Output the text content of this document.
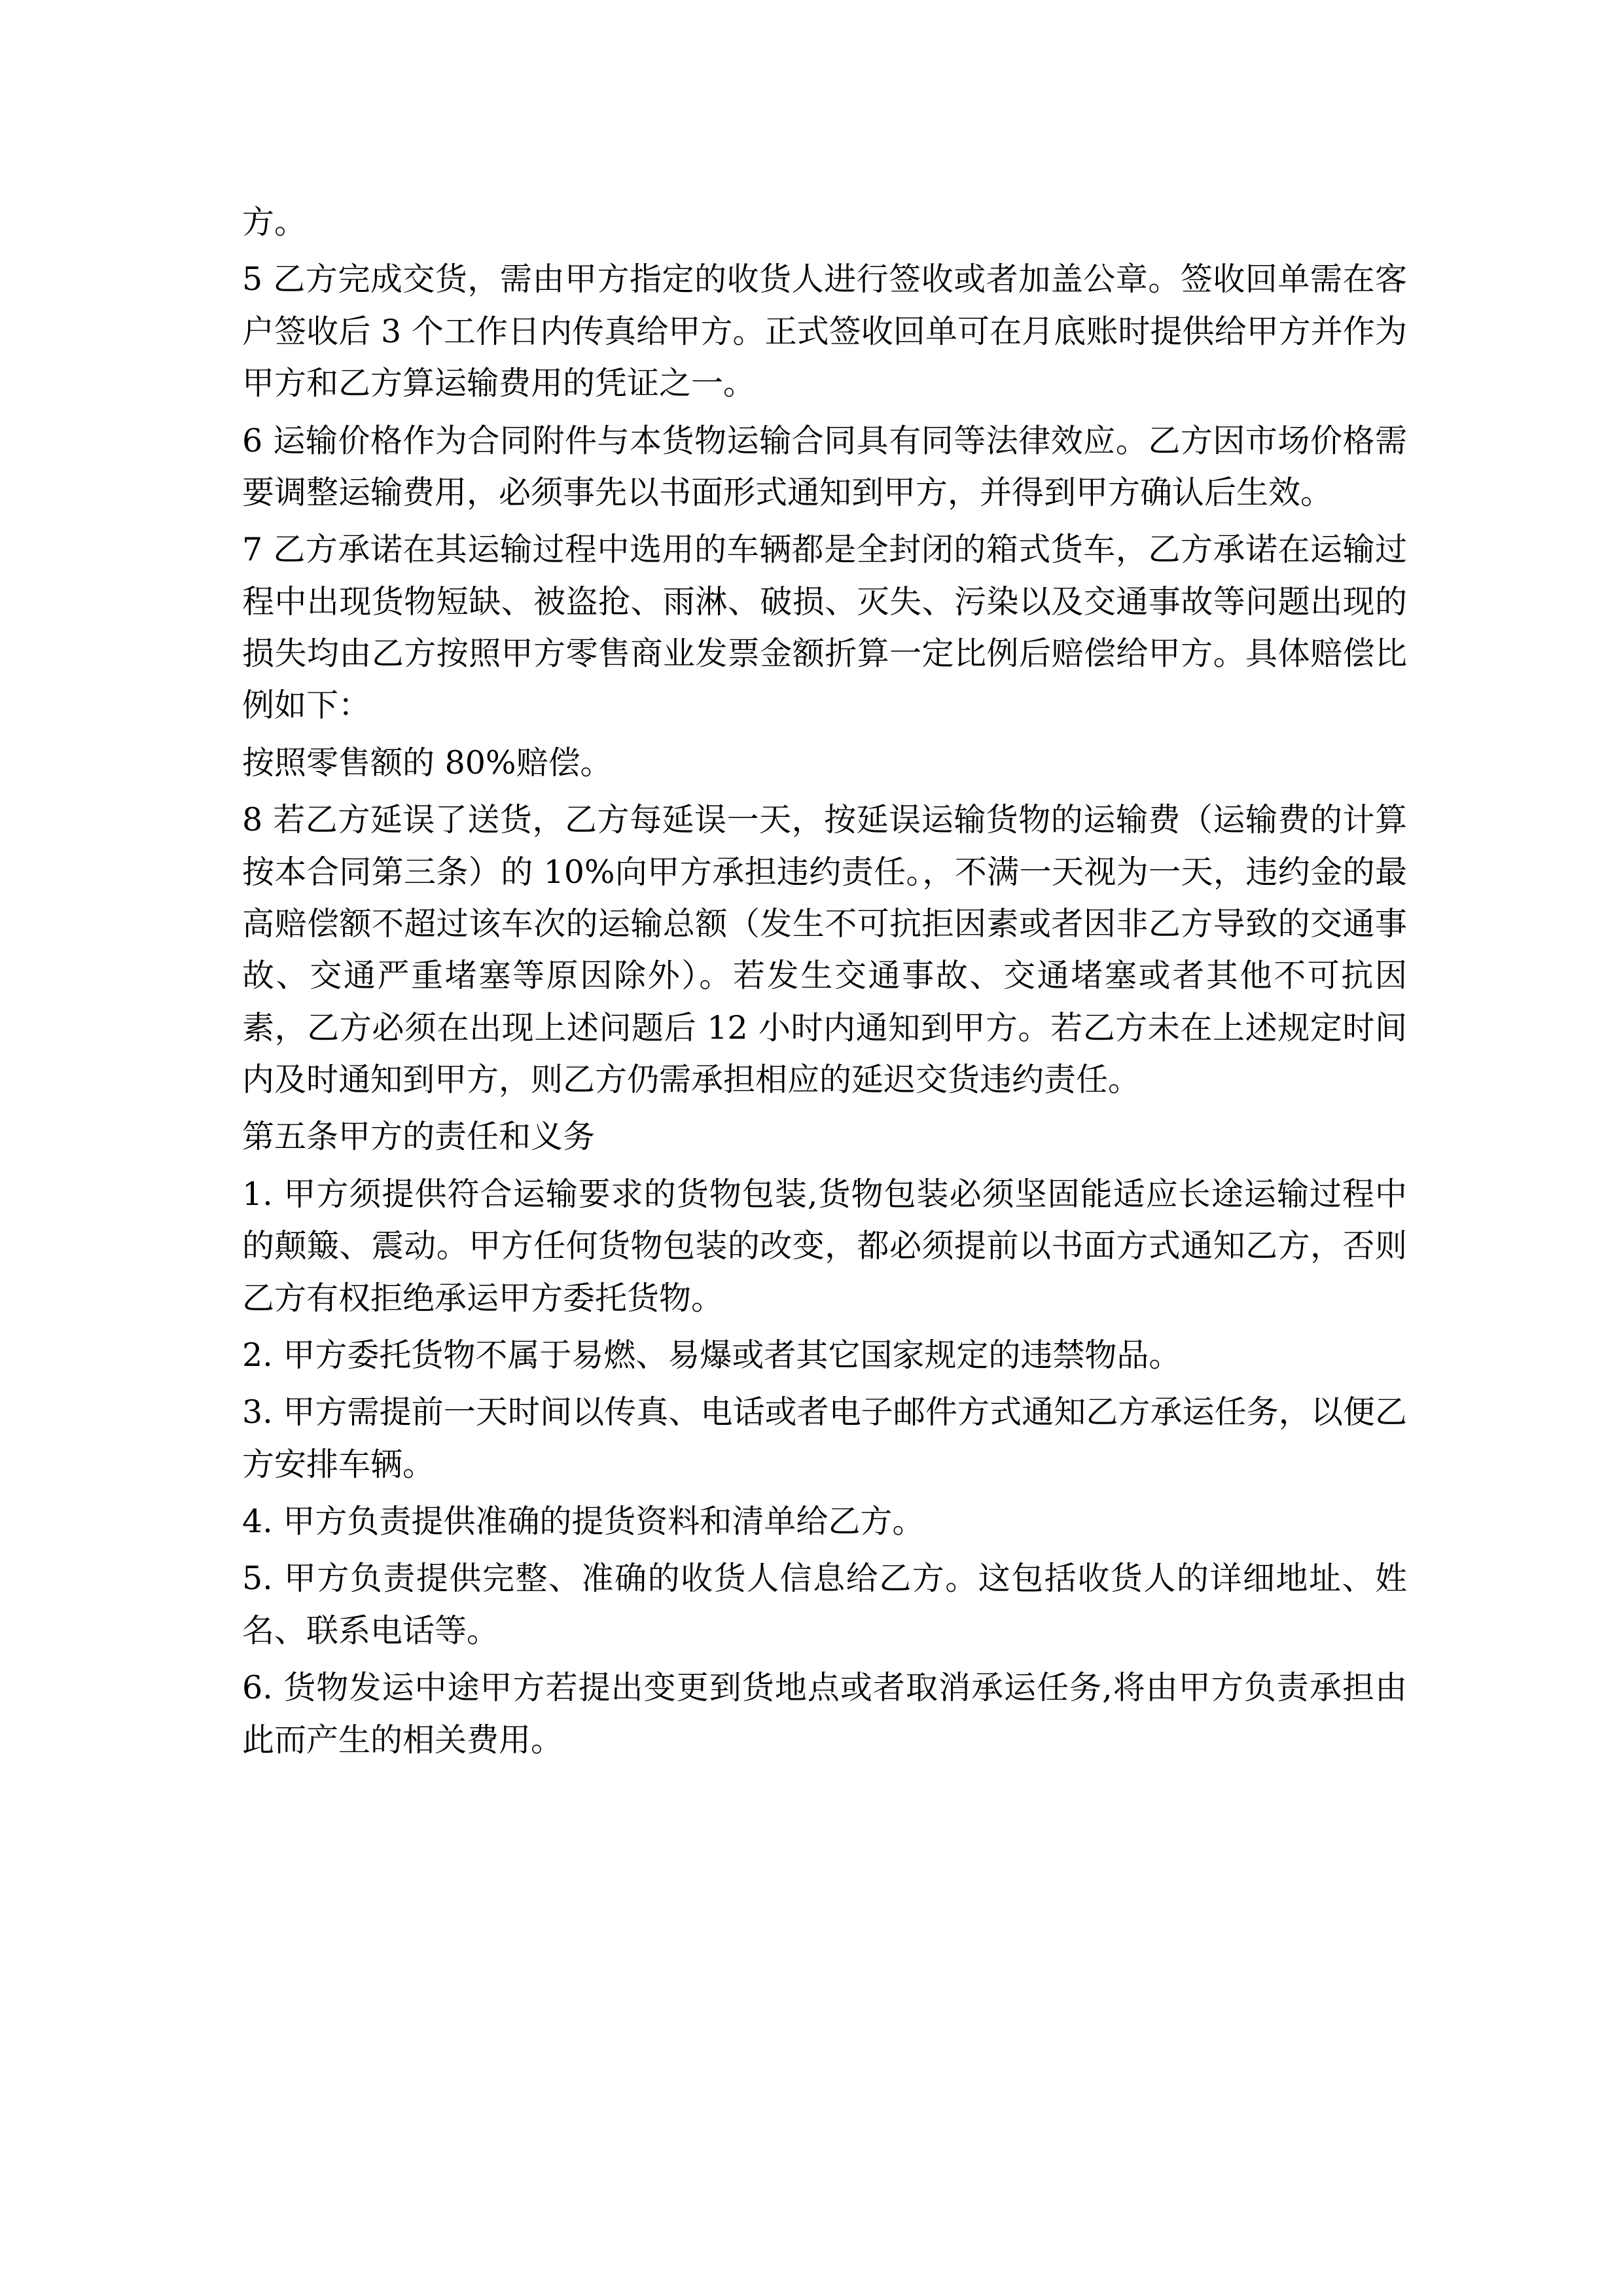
方。

5 乙方完成交货，需由甲方指定的收货人进行签收或者加盖公章。签收回单需在客户签收后 3 个工作日内传真给甲方。正式签收回单可在月底账时提供给甲方并作为甲方和乙方算运输费用的凭证之一。

6 运输价格作为合同附件与本货物运输合同具有同等法律效应。乙方因市场价格需要调整运输费用，必须事先以书面形式通知到甲方，并得到甲方确认后生效。

7 乙方承诺在其运输过程中选用的车辆都是全封闭的箱式货车，乙方承诺在运输过程中出现货物短缺、被盗抢、雨淋、破损、灭失、污染以及交通事故等问题出现的损失均由乙方按照甲方零售商业发票金额折算一定比例后赔偿给甲方。具体赔偿比例如下：

按照零售额的 80%赔偿。

8 若乙方延误了送货，乙方每延误一天，按延误运输货物的运输费（运输费的计算按本合同第三条）的 10%向甲方承担违约责任。，不满一天视为一天，违约金的最高赔偿额不超过该车次的运输总额（发生不可抗拒因素或者因非乙方导致的交通事故、交通严重堵塞等原因除外）。若发生交通事故、交通堵塞或者其他不可抗因素，乙方必须在出现上述问题后 12 小时内通知到甲方。若乙方未在上述规定时间内及时通知到甲方，则乙方仍需承担相应的延迟交货违约责任。

第五条甲方的责任和义务

1. 甲方须提供符合运输要求的货物包装,货物包装必须坚固能适应长途运输过程中的颠簸、震动。甲方任何货物包装的改变，都必须提前以书面方式通知乙方，否则乙方有权拒绝承运甲方委托货物。

2. 甲方委托货物不属于易燃、易爆或者其它国家规定的违禁物品。

3. 甲方需提前一天时间以传真、电话或者电子邮件方式通知乙方承运任务，以便乙方安排车辆。

4. 甲方负责提供准确的提货资料和清单给乙方。

5. 甲方负责提供完整、准确的收货人信息给乙方。这包括收货人的详细地址、姓名、联系电话等。

6. 货物发运中途甲方若提出变更到货地点或者取消承运任务,将由甲方负责承担由此而产生的相关费用。
